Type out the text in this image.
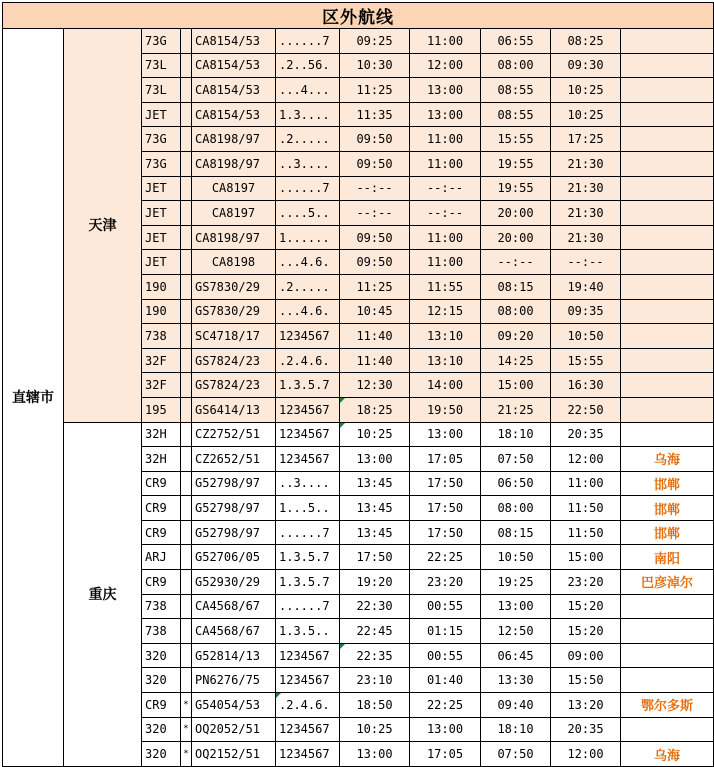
区外航线										
直辖市	天津	73G		CA8154/53	......7	09:25	11:00	06:55	08:25	
		73L		CA8154/53	.2..56.	10:30	12:00	08:00	09:30	
		73L		CA8154/53	...4...	11:25	13:00	08:55	10:25	
		JET		CA8154/53	1.3....	11:35	13:00	08:55	10:25	
		73G		CA8198/97	.2.....	09:50	11:00	15:55	17:25	
		73G		CA8198/97	..3....	09:50	11:00	19:55	21:30	
		JET		CA8197	......7	--:--	--:--	19:55	21:30	
		JET		CA8197	....5..	--:--	--:--	20:00	21:30	
		JET		CA8198/97	1......	09:50	11:00	20:00	21:30	
		JET		CA8198	...4.6.	09:50	11:00	--:--	--:--	
		190		GS7830/29	.2.....	11:25	11:55	08:15	19:40	
		190		GS7830/29	...4.6.	10:45	12:15	08:00	09:35	
		738		SC4718/17	1234567	11:40	13:10	09:20	10:50	
		32F		GS7824/23	.2.4.6.	11:40	13:10	14:25	15:55	
		32F		GS7824/23	1.3.5.7	12:30	14:00	15:00	16:30	
		195		GS6414/13	1234567	18:25	19:50	21:25	22:50	
	重庆	32H		CZ2752/51	1234567	10:25	13:00	18:10	20:35	
		32H		CZ2652/51	1234567	13:00	17:05	07:50	12:00	乌海
		CR9		G52798/97	..3....	13:45	17:50	06:50	11:00	邯郸
		CR9		G52798/97	1...5..	13:45	17:50	08:00	11:50	邯郸
		CR9		G52798/97	......7	13:45	17:50	08:15	11:50	邯郸
		ARJ		G52706/05	1.3.5.7	17:50	22:25	10:50	15:00	南阳
		CR9		G52930/29	1.3.5.7	19:20	23:20	19:25	23:20	巴彦淖尔
		738		CA4568/67	......7	22:30	00:55	13:00	15:20	
		738		CA4568/67	1.3.5..	22:45	01:15	12:50	15:20	
		320		G52814/13	1234567	22:35	00:55	06:45	09:00	
		320		PN6276/75	1234567	23:10	01:40	13:30	15:50	
		CR9	*	G54054/53	.2.4.6.	18:50	22:25	09:40	13:20	鄂尔多斯
		320	*	OQ2052/51	1234567	10:25	13:00	18:10	20:35	
		320	*	OQ2152/51	1234567	13:00	17:05	07:50	12:00	乌海
